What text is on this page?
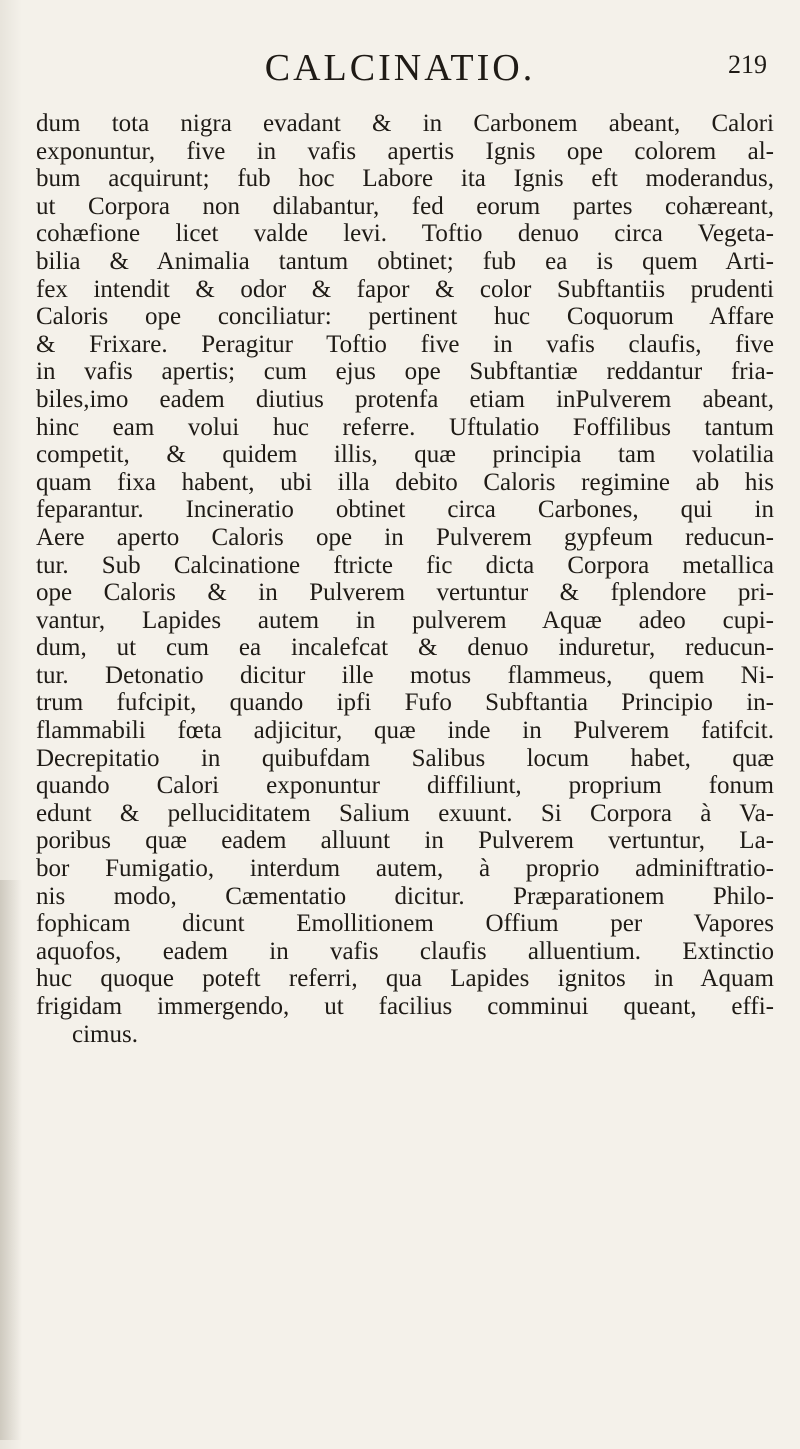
CALCINATIO.	219
dum tota nigra evadant & in Carbonem abeant, Calori
exponuntur, five in vafis apertis Ignis ope colorem al-
bum acquirunt; fub hoc Labore ita Ignis eft moderandus,
ut Corpora non dilabantur, fed eorum partes cohæreant,
cohæfione licet valde levi. Toftio denuo circa Vegeta-
bilia & Animalia tantum obtinet; fub ea is quem Arti-
fex intendit & odor & fapor & color Subftantiis prudenti
Caloris ope conciliatur: pertinent huc Coquorum Affare
& Frixare. Peragitur Toftio five in vafis claufis, five
in vafis apertis; cum ejus ope Subftantiæ reddantur fria-
biles,imo eadem diutius protenfa etiam inPulverem abeant,
hinc eam volui huc referre. Uftulatio Foffilibus tantum
competit, & quidem illis, quæ principia tam volatilia
quam fixa habent, ubi illa debito Caloris regimine ab his
feparantur. Incineratio obtinet circa Carbones, qui in
Aere aperto Caloris ope in Pulverem gypfeum reducun-
tur. Sub Calcinatione ftricte fic dicta Corpora metallica
ope Caloris & in Pulverem vertuntur & fplendore pri-
vantur, Lapides autem in pulverem Aquæ adeo cupi-
dum, ut cum ea incalefcat & denuo induretur, reducun-
tur. Detonatio dicitur ille motus flammeus, quem Ni-
trum fufcipit, quando ipfi Fufo Subftantia Principio in-
flammabili fœta adjicitur, quæ inde in Pulverem fatifcit.
Decrepitatio in quibufdam Salibus locum habet, quæ
quando Calori exponuntur diffiliunt, proprium fonum
edunt & pelluciditatem Salium exuunt. Si Corpora à Va-
poribus quæ eadem alluunt in Pulverem vertuntur, La-
bor Fumigatio, interdum autem, à proprio adminiftratio-
nis modo, Cæmentatio dicitur. Præparationem Philo-
fophicam dicunt Emollitionem Offium per Vapores
aquofos, eadem in vafis claufis alluentium. Extinctio
huc quoque poteft referri, qua Lapides ignitos in Aquam
frigidam immergendo, ut facilius comminui queant, effi-
cimus.
